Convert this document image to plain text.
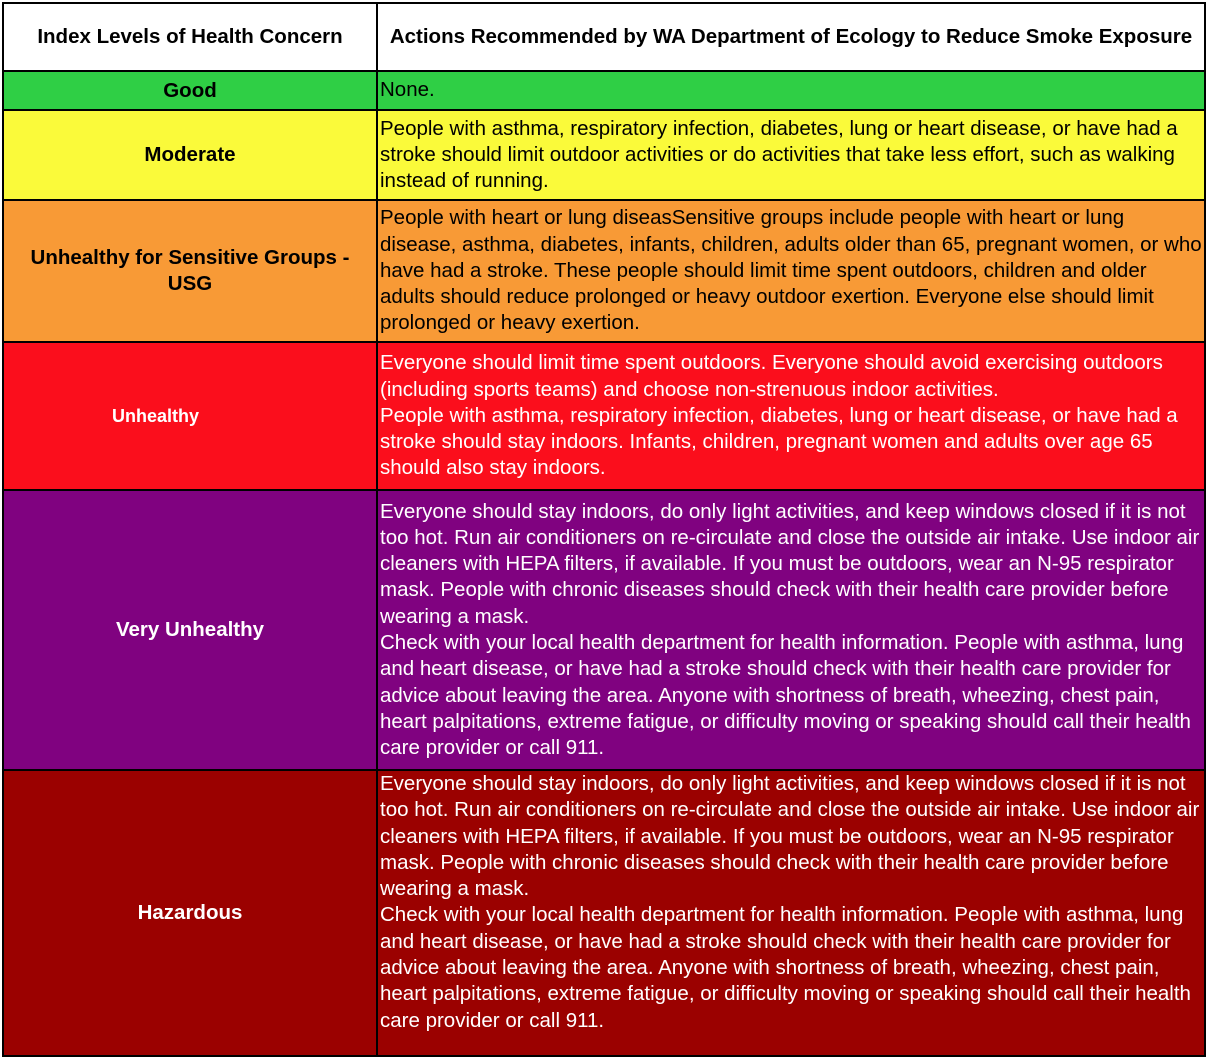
Index Levels of Health Concern	Actions Recommended by WA Department of Ecology to Reduce Smoke Exposure
Good	None.

Moderate	People with asthma, respiratory infection, diabetes, lung or heart disease, or have had a stroke should limit outdoor activities or do activities that take less effort, such as walking instead of running.

Unhealthy for Sensitive Groups - USG	People with heart or lung diseasSensitive groups include people with heart or lung disease, asthma, diabetes, infants, children, adults older than 65, pregnant women, or who have had a stroke. These people should limit time spent outdoors, children and older adults should reduce prolonged or heavy outdoor exertion. Everyone else should limit prolonged or heavy exertion.

Unhealthy	Everyone should limit time spent outdoors. Everyone should avoid exercising outdoors (including sports teams) and choose non-strenuous indoor activities.
People with asthma, respiratory infection, diabetes, lung or heart disease, or have had a stroke should stay indoors. Infants, children, pregnant women and adults over age 65 should also stay indoors.

Very Unhealthy	Everyone should stay indoors, do only light activities, and keep windows closed if it is not too hot. Run air conditioners on re-circulate and close the outside air intake. Use indoor air cleaners with HEPA filters, if available. If you must be outdoors, wear an N-95 respirator mask. People with chronic diseases should check with their health care provider before wearing a mask.
Check with your local health department for health information. People with asthma, lung and heart disease, or have had a stroke should check with their health care provider for advice about leaving the area. Anyone with shortness of breath, wheezing, chest pain, heart palpitations, extreme fatigue, or difficulty moving or speaking should call their health care provider or call 911.

Hazardous	Everyone should stay indoors, do only light activities, and keep windows closed if it is not too hot. Run air conditioners on re-circulate and close the outside air intake. Use indoor air cleaners with HEPA filters, if available. If you must be outdoors, wear an N-95 respirator mask. People with chronic diseases should check with their health care provider before wearing a mask.
Check with your local health department for health information. People with asthma, lung and heart disease, or have had a stroke should check with their health care provider for advice about leaving the area. Anyone with shortness of breath, wheezing, chest pain, heart palpitations, extreme fatigue, or difficulty moving or speaking should call their health care provider or call 911.
